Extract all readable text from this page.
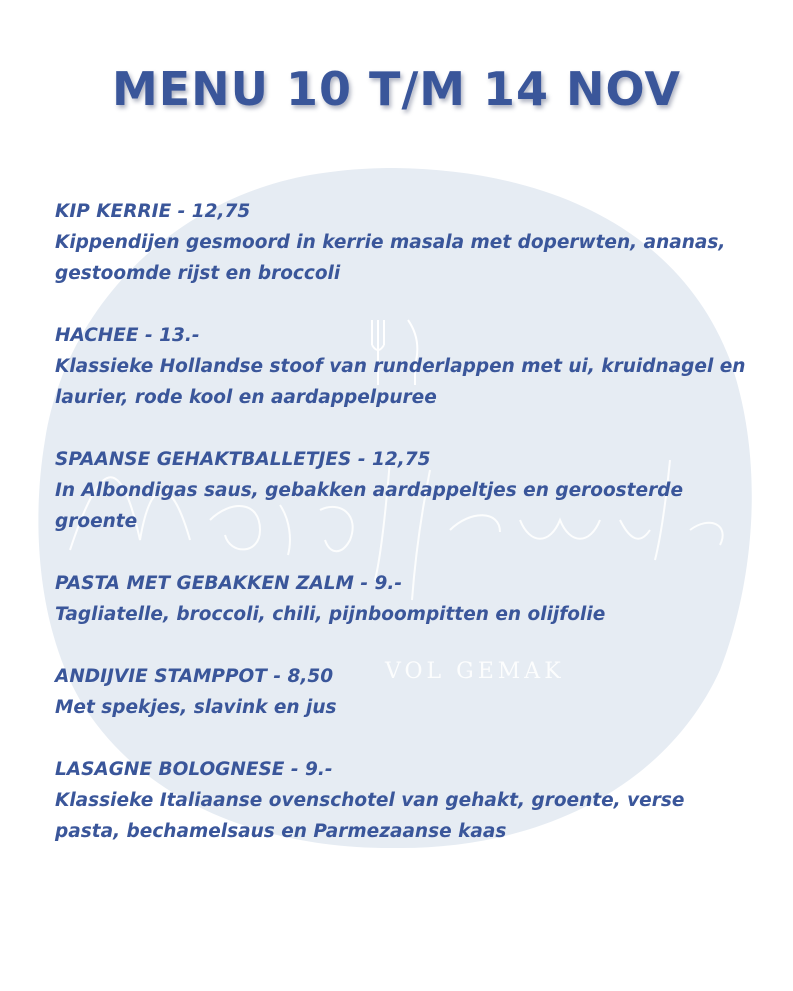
VOL GEMAK
MENU 10 T/M 14 NOV
KIP KERRIE - 12,75
Kippendijen gesmoord in kerrie masala met doperwten, ananas, gestoomde rijst en broccoli
HACHEE - 13.-
Klassieke Hollandse stoof van runderlappen met ui, kruidnagel en laurier, rode kool en aardappelpuree
SPAANSE GEHAKTBALLETJES - 12,75
In Albondigas saus, gebakken aardappeltjes en geroosterde groente
PASTA MET GEBAKKEN ZALM - 9.-
Tagliatelle, broccoli, chili, pijnboompitten en olijfolie
ANDIJVIE STAMPPOT - 8,50
Met spekjes, slavink en jus
LASAGNE BOLOGNESE - 9.-
Klassieke Italiaanse ovenschotel van gehakt, groente, verse pasta, bechamelsaus en Parmezaanse kaas
